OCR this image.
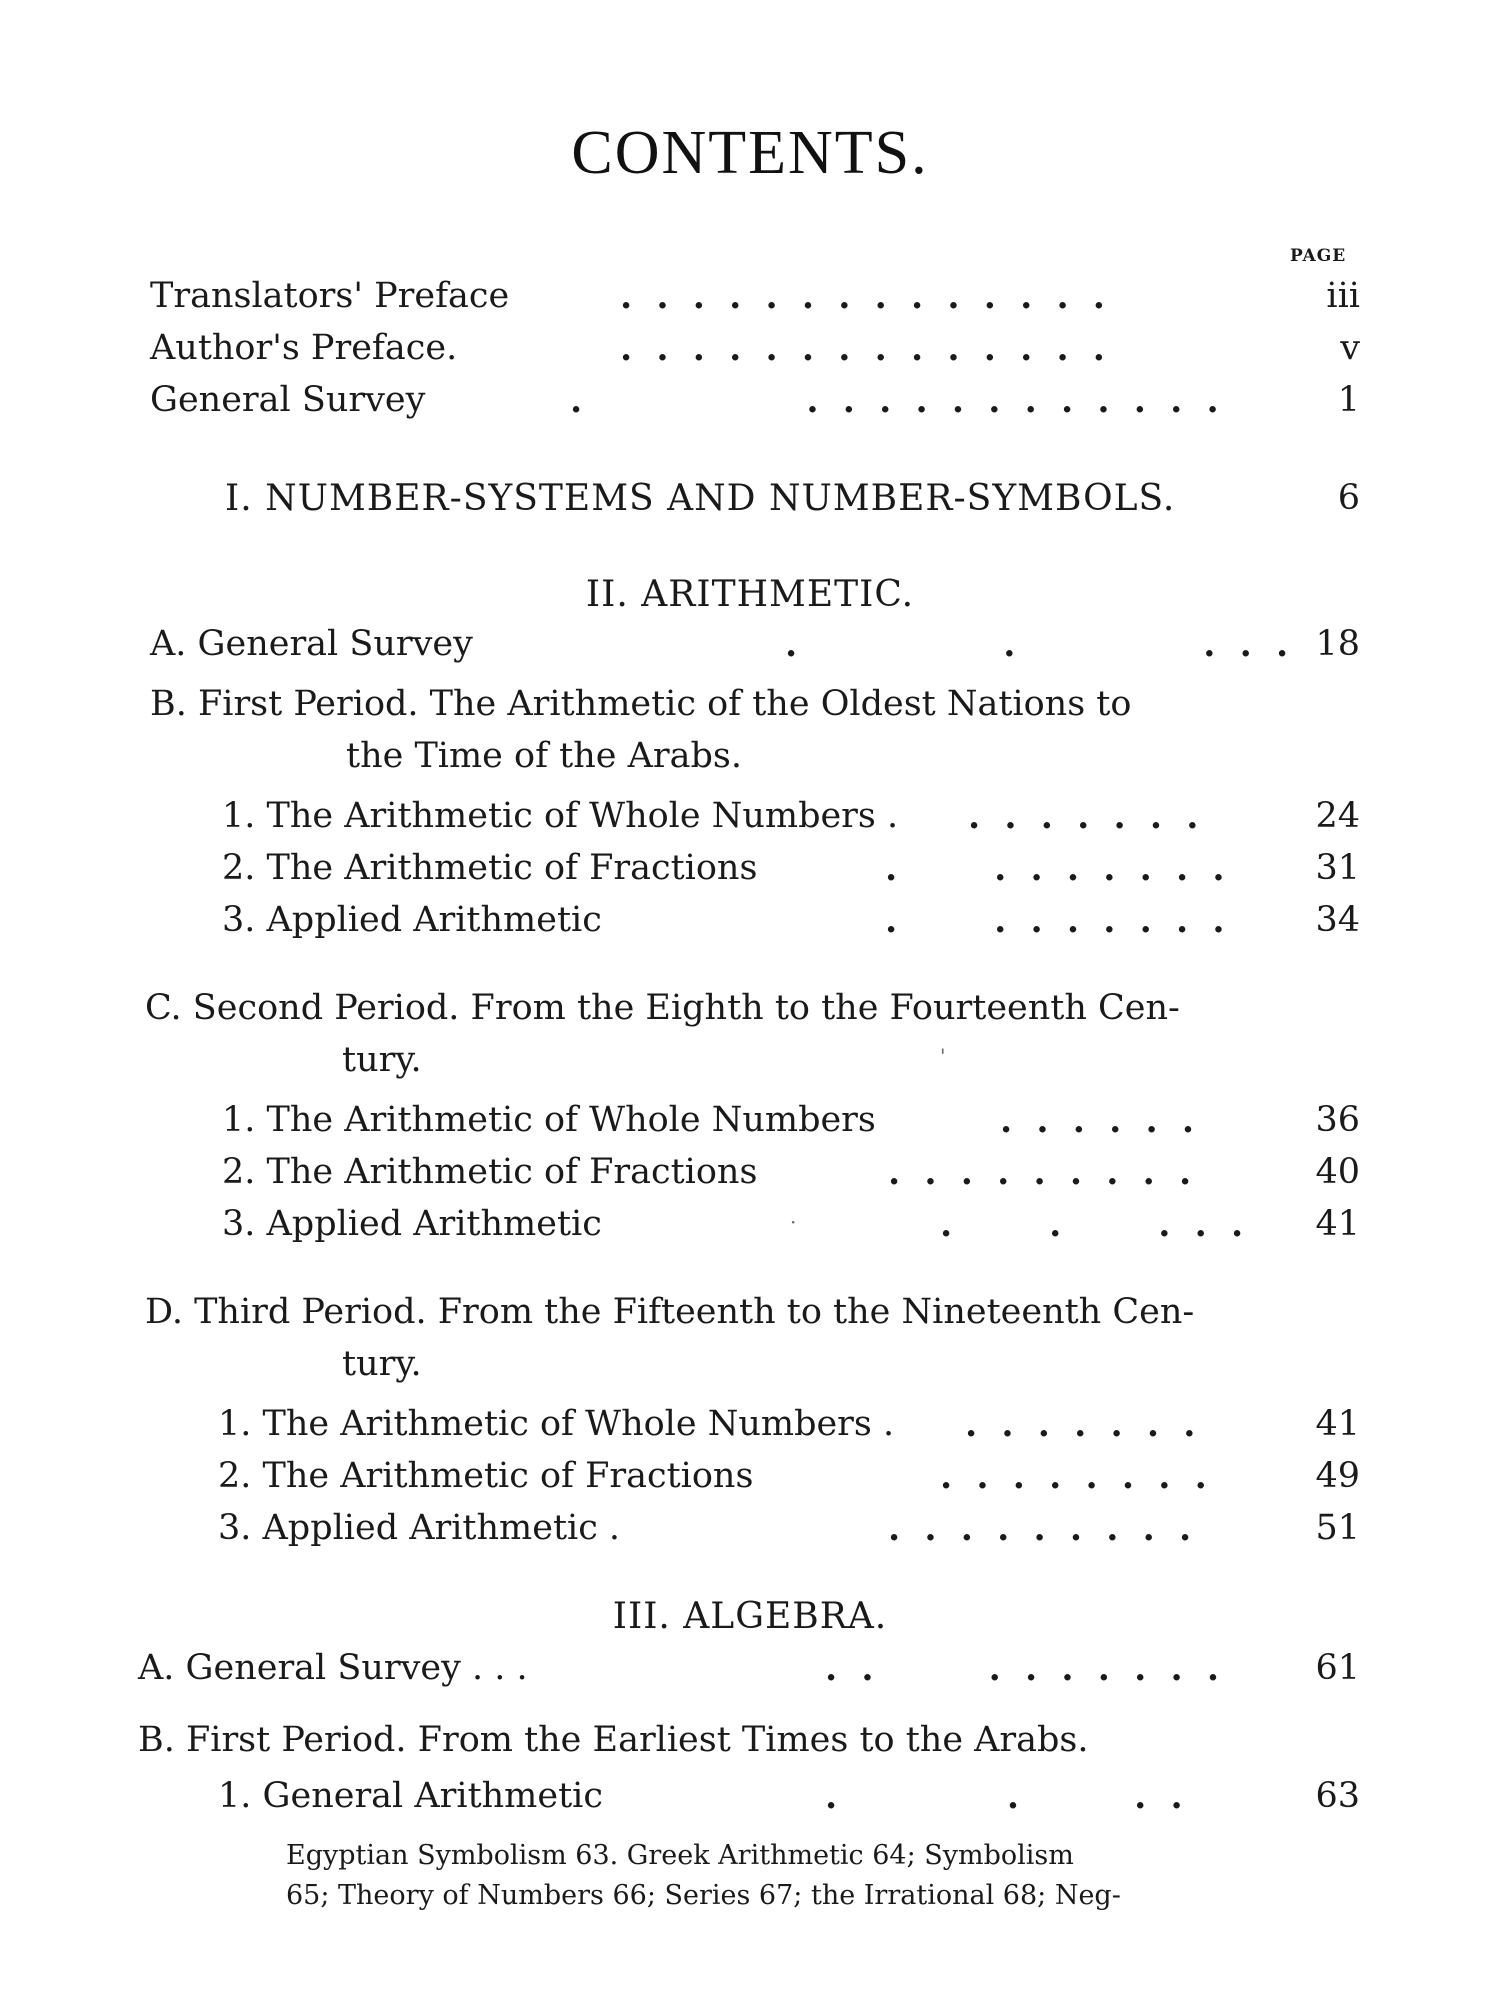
CONTENTS.
PAGE
Translators' Preface	. . . . . . . . . . . . . .	iii
Author's Preface.	. . . . . . . . . . . . . .	v
General Survey	.            . . . . . . . . . . . .	1
I. NUMBER-SYSTEMS AND NUMBER-SYMBOLS.	6
II. ARITHMETIC.
A. General Survey	.           .          . . . 18
B. First Period. The Arithmetic of the Oldest Nations to
the Time of the Arabs.
1. The Arithmetic of Whole Numbers . . . . . . . .	24
2. The Arithmetic of Fractions	.     . . . . . . .	31
3. Applied Arithmetic	.     . . . . . . .	34
C. Second Period. From the Eighth to the Fourteenth Cen-
tury.	'
1. The Arithmetic of Whole Numbers	. . . . . .	36
2. The Arithmetic of Fractions	. . . . . . . . .	40
3. Applied Arithmetic	·	.     .     . . .	41
D. Third Period. From the Fifteenth to the Nineteenth Cen-
tury.
1. The Arithmetic of Whole Numbers . . . . . . . .	41
2. The Arithmetic of Fractions	. . . . . . . .	49
3. Applied Arithmetic .	. . . . . . . . .	51
III. ALGEBRA.
A. General Survey . . .	. .      . . . . . . .	61
B. First Period. From the Earliest Times to the Arabs.
1. General Arithmetic	.         .      . .	63
Egyptian Symbolism 63. Greek Arithmetic 64; Symbolism
65; Theory of Numbers 66; Series 67; the Irrational 68; Neg-
